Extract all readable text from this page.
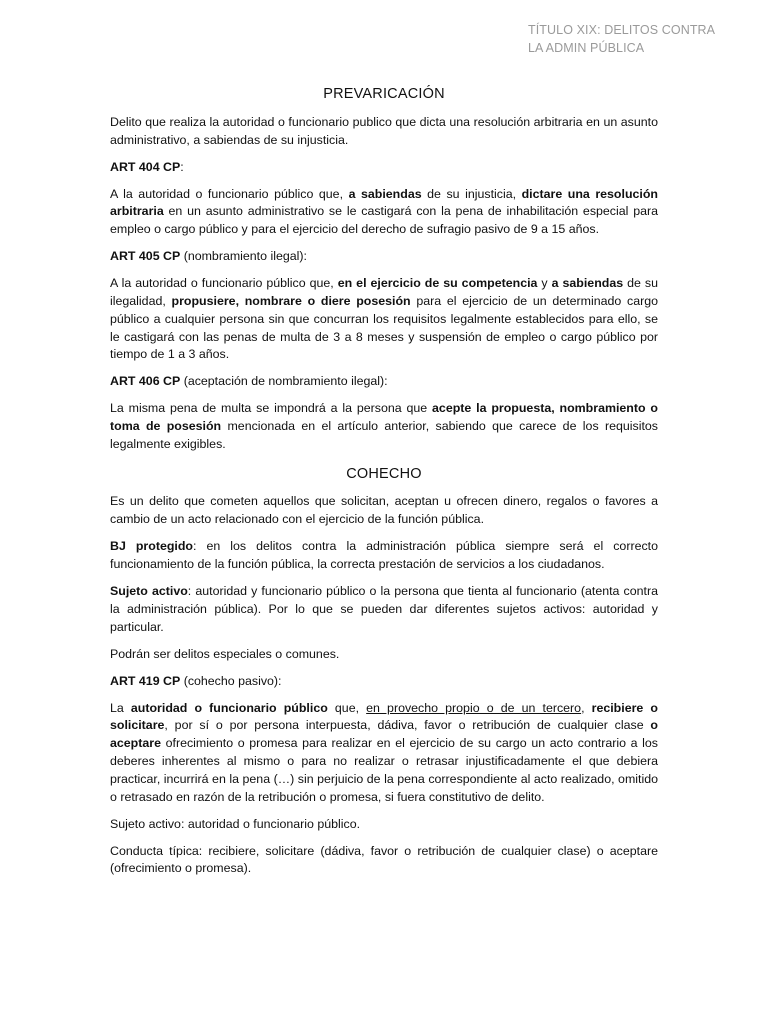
TÍTULO XIX: DELITOS CONTRA
LA ADMIN PÚBLICA
PREVARICACIÓN

Delito que realiza la autoridad o funcionario publico que dicta una resolución arbitraria en un asunto administrativo, a sabiendas de su injusticia.

ART 404 CP:

A la autoridad o funcionario público que, a sabiendas de su injusticia, dictare una resolución arbitraria en un asunto administrativo se le castigará con la pena de inhabilitación especial para empleo o cargo público y para el ejercicio del derecho de sufragio pasivo de 9 a 15 años.

ART 405 CP (nombramiento ilegal):

A la autoridad o funcionario público que, en el ejercicio de su competencia y a sabiendas de su ilegalidad, propusiere, nombrare o diere posesión para el ejercicio de un determinado cargo público a cualquier persona sin que concurran los requisitos legalmente establecidos para ello, se le castigará con las penas de multa de 3 a 8 meses y suspensión de empleo o cargo público por tiempo de 1 a 3 años.

ART 406 CP (aceptación de nombramiento ilegal):

La misma pena de multa se impondrá a la persona que acepte la propuesta, nombramiento o toma de posesión mencionada en el artículo anterior, sabiendo que carece de los requisitos legalmente exigibles.

COHECHO

Es un delito que cometen aquellos que solicitan, aceptan u ofrecen dinero, regalos o favores a cambio de un acto relacionado con el ejercicio de la función pública.

BJ protegido: en los delitos contra la administración pública siempre será el correcto funcionamiento de la función pública, la correcta prestación de servicios a los ciudadanos.

Sujeto activo: autoridad y funcionario público o la persona que tienta al funcionario (atenta contra la administración pública). Por lo que se pueden dar diferentes sujetos activos: autoridad y particular.

Podrán ser delitos especiales o comunes.

ART 419 CP (cohecho pasivo):

La autoridad o funcionario público que, en provecho propio o de un tercero, recibiere o solicitare, por sí o por persona interpuesta, dádiva, favor o retribución de cualquier clase o aceptare ofrecimiento o promesa para realizar en el ejercicio de su cargo un acto contrario a los deberes inherentes al mismo o para no realizar o retrasar injustificadamente el que debiera practicar, incurrirá en la pena (…) sin perjuicio de la pena correspondiente al acto realizado, omitido o retrasado en razón de la retribución o promesa, si fuera constitutivo de delito.

Sujeto activo: autoridad o funcionario público.

Conducta típica: recibiere, solicitare (dádiva, favor o retribución de cualquier clase) o aceptare (ofrecimiento o promesa).
